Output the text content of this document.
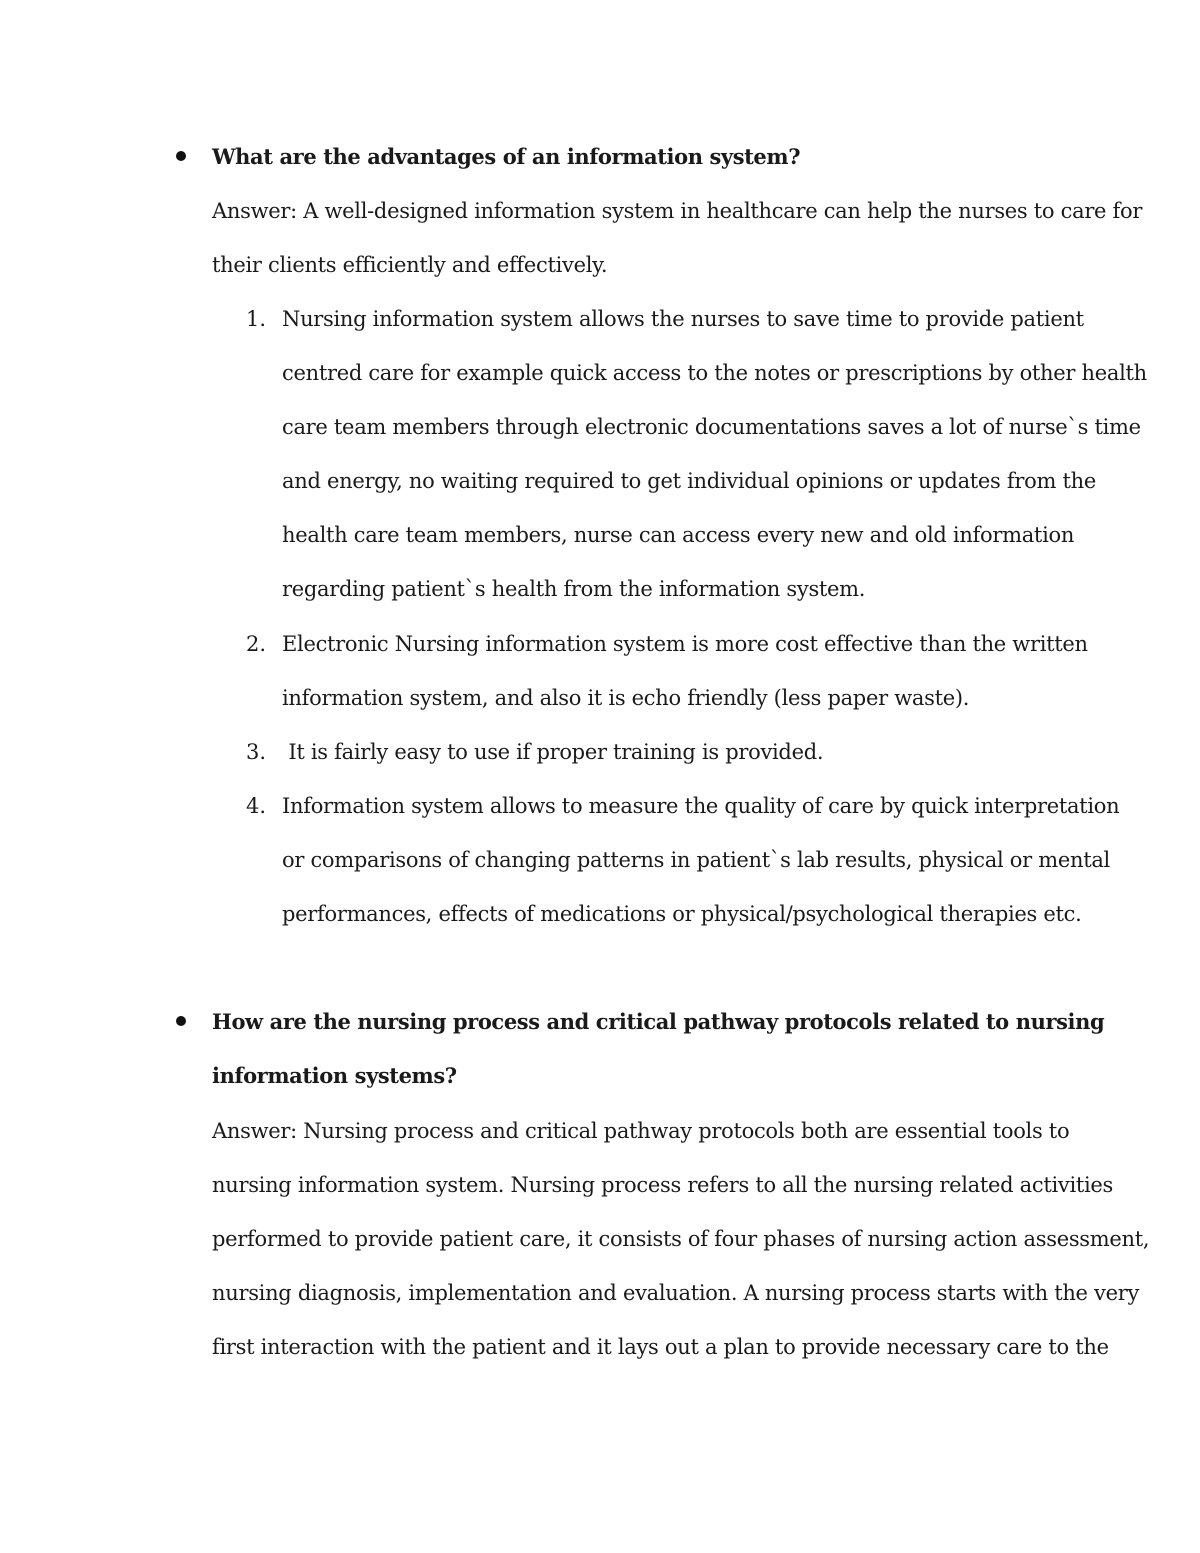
What are the advantages of an information system?
Answer: A well-designed information system in healthcare can help the nurses to care for
their clients efficiently and effectively.
1. Nursing information system allows the nurses to save time to provide patient
centred care for example quick access to the notes or prescriptions by other health
care team members through electronic documentations saves a lot of nurse`s time
and energy, no waiting required to get individual opinions or updates from the
health care team members, nurse can access every new and old information
regarding patient`s health from the information system.
2. Electronic Nursing information system is more cost effective than the written
information system, and also it is echo friendly (less paper waste).
3. It is fairly easy to use if proper training is provided.
4. Information system allows to measure the quality of care by quick interpretation
or comparisons of changing patterns in patient`s lab results, physical or mental
performances, effects of medications or physical/psychological therapies etc.
How are the nursing process and critical pathway protocols related to nursing
information systems?
Answer: Nursing process and critical pathway protocols both are essential tools to
nursing information system. Nursing process refers to all the nursing related activities
performed to provide patient care, it consists of four phases of nursing action assessment,
nursing diagnosis, implementation and evaluation. A nursing process starts with the very
first interaction with the patient and it lays out a plan to provide necessary care to the
